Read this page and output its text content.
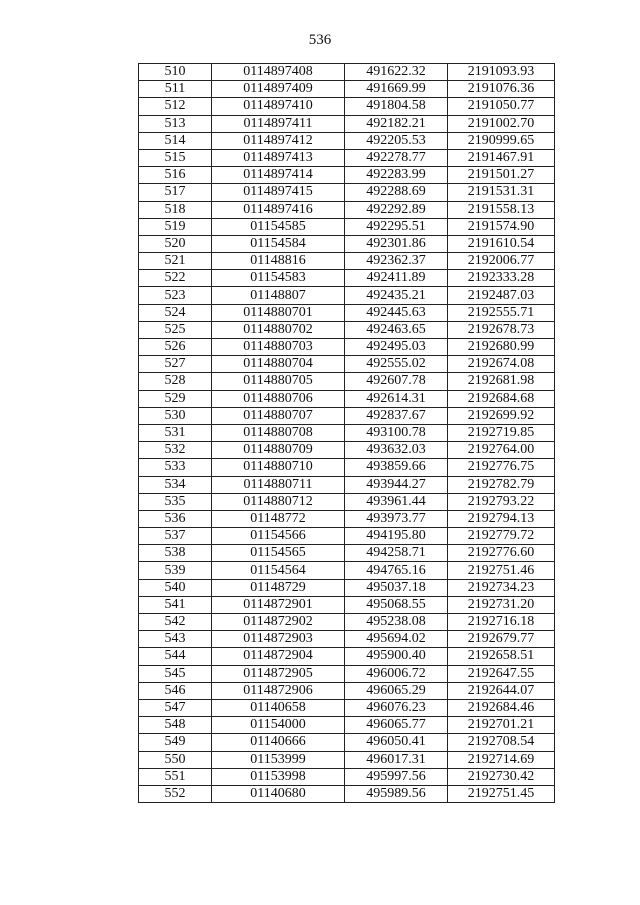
536
510	0114897408	491622.32	2191093.93
511	0114897409	491669.99	2191076.36
512	0114897410	491804.58	2191050.77
513	0114897411	492182.21	2191002.70
514	0114897412	492205.53	2190999.65
515	0114897413	492278.77	2191467.91
516	0114897414	492283.99	2191501.27
517	0114897415	492288.69	2191531.31
518	0114897416	492292.89	2191558.13
519	01154585	492295.51	2191574.90
520	01154584	492301.86	2191610.54
521	01148816	492362.37	2192006.77
522	01154583	492411.89	2192333.28
523	01148807	492435.21	2192487.03
524	0114880701	492445.63	2192555.71
525	0114880702	492463.65	2192678.73
526	0114880703	492495.03	2192680.99
527	0114880704	492555.02	2192674.08
528	0114880705	492607.78	2192681.98
529	0114880706	492614.31	2192684.68
530	0114880707	492837.67	2192699.92
531	0114880708	493100.78	2192719.85
532	0114880709	493632.03	2192764.00
533	0114880710	493859.66	2192776.75
534	0114880711	493944.27	2192782.79
535	0114880712	493961.44	2192793.22
536	01148772	493973.77	2192794.13
537	01154566	494195.80	2192779.72
538	01154565	494258.71	2192776.60
539	01154564	494765.16	2192751.46
540	01148729	495037.18	2192734.23
541	0114872901	495068.55	2192731.20
542	0114872902	495238.08	2192716.18
543	0114872903	495694.02	2192679.77
544	0114872904	495900.40	2192658.51
545	0114872905	496006.72	2192647.55
546	0114872906	496065.29	2192644.07
547	01140658	496076.23	2192684.46
548	01154000	496065.77	2192701.21
549	01140666	496050.41	2192708.54
550	01153999	496017.31	2192714.69
551	01153998	495997.56	2192730.42
552	01140680	495989.56	2192751.45
